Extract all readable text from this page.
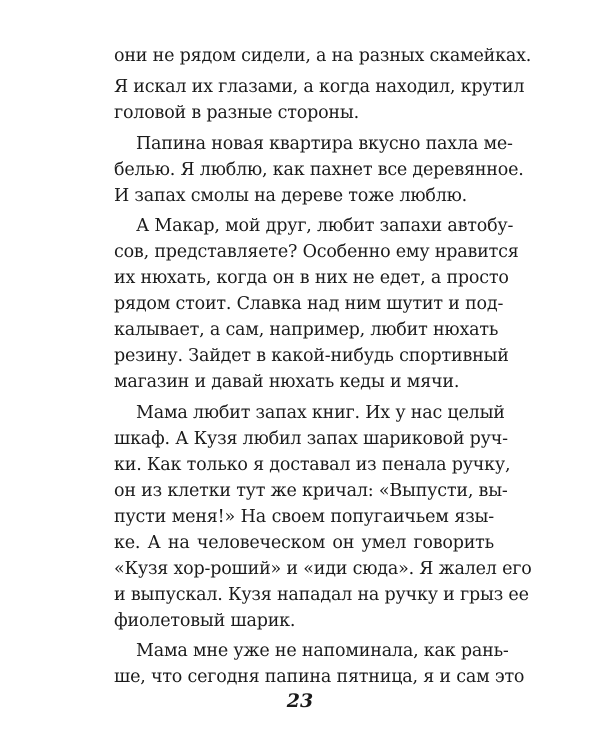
они не рядом сидели, а на разных скамейках.
Я искал их глазами, а когда находил, крутил
головой в разные стороны.
Папина новая квартира вкусно пахла ме-
белью. Я люблю, как пахнет все деревянное.
И запах смолы на дереве тоже люблю.
А Макар, мой друг, любит запахи автобу-
сов, представляете? Особенно ему нравится
их нюхать, когда он в них не едет, а просто
рядом стоит. Славка над ним шутит и под-
калывает, а сам, например, любит нюхать
резину. Зайдет в какой-нибудь спортивный
магазин и давай нюхать кеды и мячи.
Мама любит запах книг. Их у нас целый
шкаф. А Кузя любил запах шариковой руч-
ки. Как только я доставал из пенала ручку,
он из клетки тут же кричал: «Выпусти, вы-
пусти меня!» На своем попугаичьем язы-
ке. А на человеческом он умел говорить
«Кузя хор-роший» и «иди сюда». Я жалел его
и выпускал. Кузя нападал на ручку и грыз ее
фиолетовый шарик.
Мама мне уже не напоминала, как рань-
ше, что сегодня папина пятница, я и сам это
23
